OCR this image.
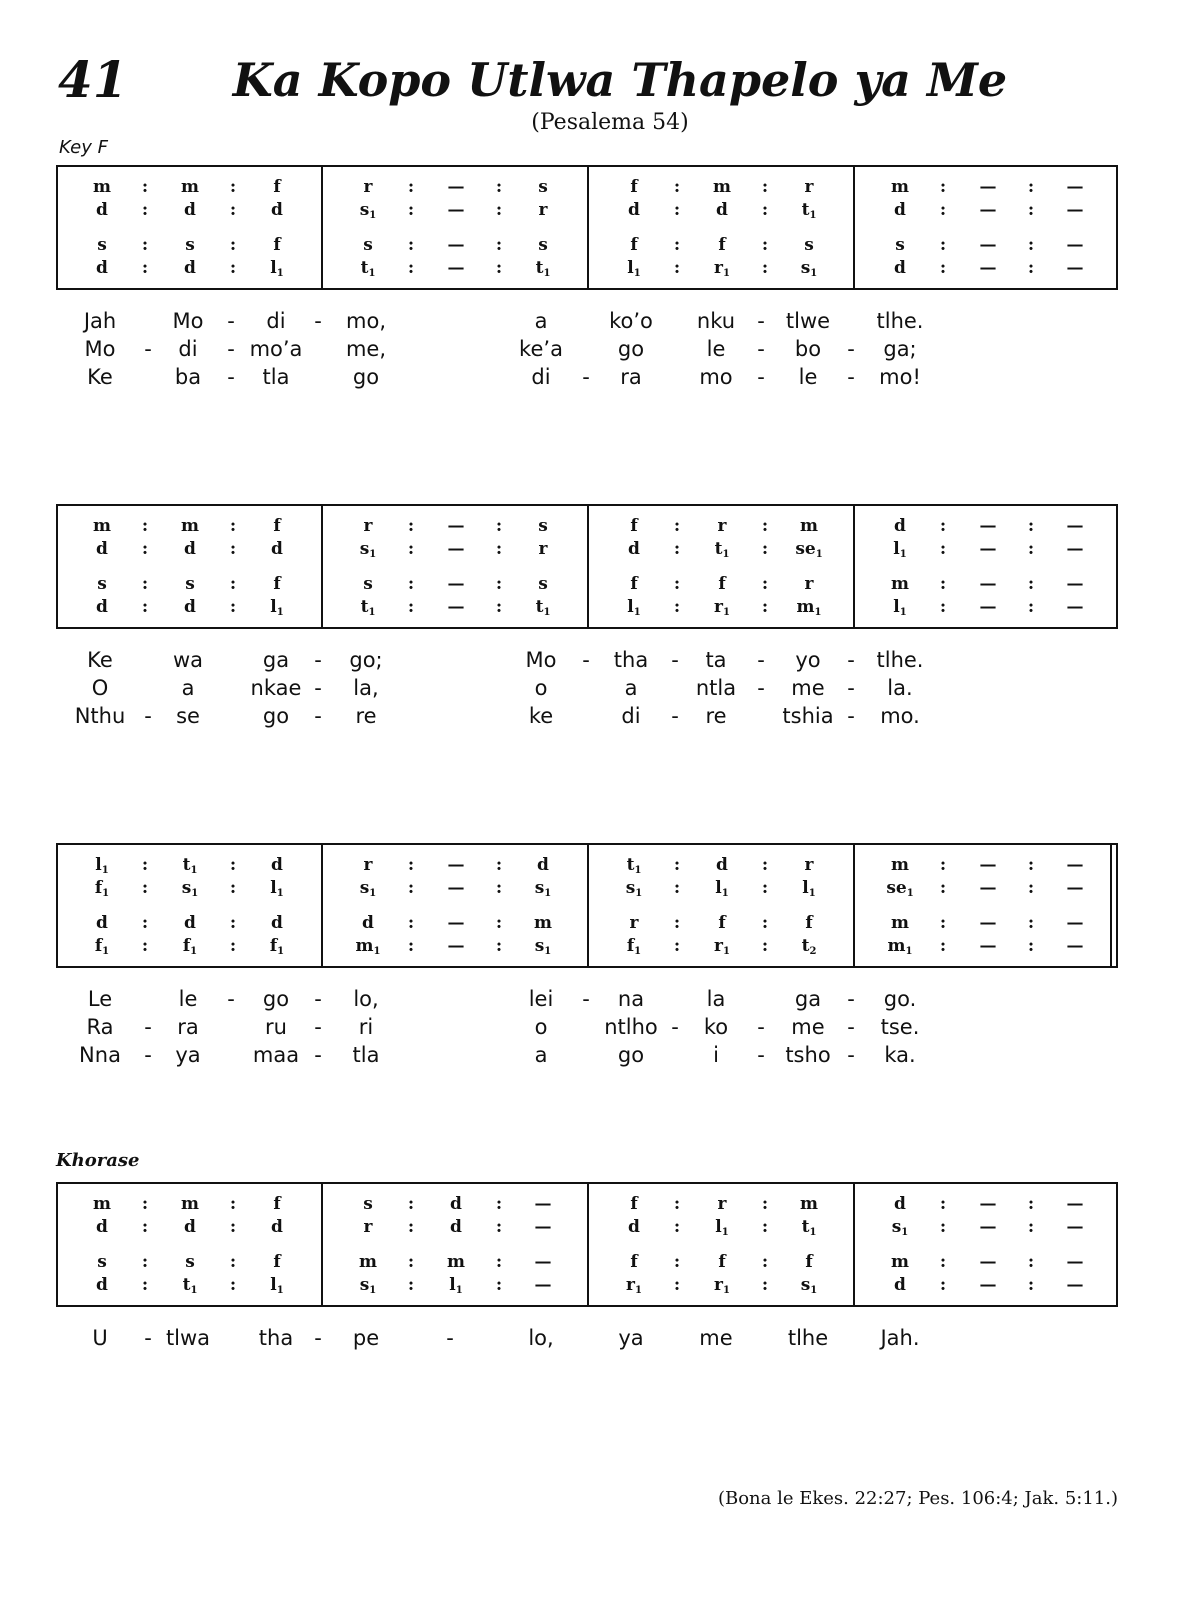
41	Ka Kopo Utlwa Thapelo ya Me
(Pesalema 54)
Key F
Khorase
m : m : f	r : — : s	f : m : r	m : — : —
d : d : d	$s_1$ : — : r	d : d : $t_1$	d : — : —
s : s : f	s : — : s	f : f : s	s : — : —
d : d : $l_1$	$t_1$ : — : $t_1$	$l_1$ : $r_1$ : $s_1$	d : — : —
Jah	Mo - di - mo,	a	ko’o nku - tlwe tlhe.
Mo - di - mo’a me,	ke’a	go	le - bo - ga;
Ke	ba - tla	go	di - ra	mo - le - mo!
m : m : f	r : — : s	f : r : m	d : — : —
d : d : d	$s_1$ : — : r	d : $t_1$ : $se_1$	$l_1$ : — : —
s : s : f	s : — : s	f : f : r	m : — : —
d : d : $l_1$	$t_1$ : — : $t_1$	$l_1$ : $r_1$ : $m_1$	$l_1$ : — : —
Ke	wa	ga - go;	Mo - tha - ta - yo - tlhe.
O	a	nkae - la,	o	a	ntla - me - la.
Nthu - se	go - re	ke	di - re	tshia - mo.
$l_1$ : $t_1$ : d	r : — : d	$t_1$ : d : r	m : — : —
$f_1$ : $s_1$ : $l_1$	$s_1$ : — : $s_1$	$s_1$ : $l_1$ : $l_1$	$se_1$ : — : —
d : d : d	d : — : m	r : f : f	m : — : —
$f_1$ : $f_1$ : $f_1$	$m_1$ : — : $s_1$	$f_1$ : $r_1$ : $t_2$	$m_1$ : — : —
Le	le - go - lo,	lei - na	la	ga - go.
Ra - ra	ru - ri	o	ntlho - ko - me - tse.
Nna - ya maa - tla	a	go	i - tsho - ka.
m : m : f	s : d : —	f : r : m	d : — : —
d : d : d	r : d : —	d : $l_1$ : $t_1$	$s_1$ : — : —
s : s : f	m : m : —	f : f : f	m : — : —
d : $t_1$ : $l_1$	$s_1$ : $l_1$ : —	$r_1$ : $r_1$ : $s_1$	d : — : —
U - tlwa tha - pe	-	lo,	ya	me	tlhe Jah.
(Bona le Ekes. 22:27; Pes. 106:4; Jak. 5:11.)
